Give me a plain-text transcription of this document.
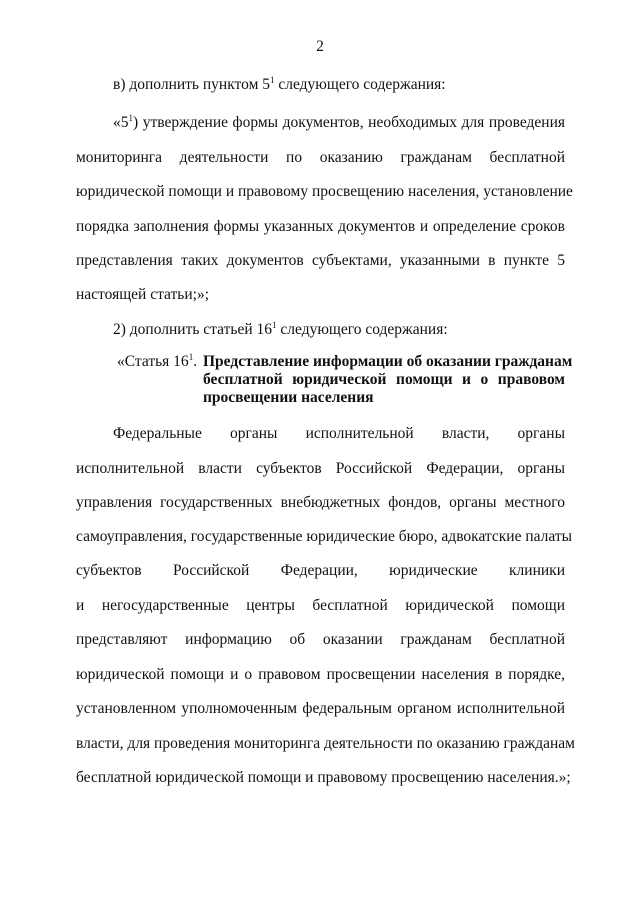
2
в) дополнить пунктом $5^1$ следующего содержания:
«$5^1$) утверждение формы документов, необходимых для проведения
мониторинга деятельности по оказанию гражданам бесплатной
юридической помощи и правовому просвещению населения, установление
порядка заполнения формы указанных документов и определение сроков
представления таких документов субъектами, указанными в пункте 5
настоящей статьи;»;
2) дополнить статьей $16^1$ следующего содержания:
«Статья $16^1$. Представление информации об оказании гражданам
бесплатной юридической помощи и о правовом
просвещении населения
Федеральные органы исполнительной власти, органы
исполнительной власти субъектов Российской Федерации, органы
управления государственных внебюджетных фондов, органы местного
самоуправления, государственные юридические бюро, адвокатские палаты
субъектов Российской Федерации, юридические клиники
и негосударственные центры бесплатной юридической помощи
представляют информацию об оказании гражданам бесплатной
юридической помощи и о правовом просвещении населения в порядке,
установленном уполномоченным федеральным органом исполнительной
власти, для проведения мониторинга деятельности по оказанию гражданам
бесплатной юридической помощи и правовому просвещению населения.»;
